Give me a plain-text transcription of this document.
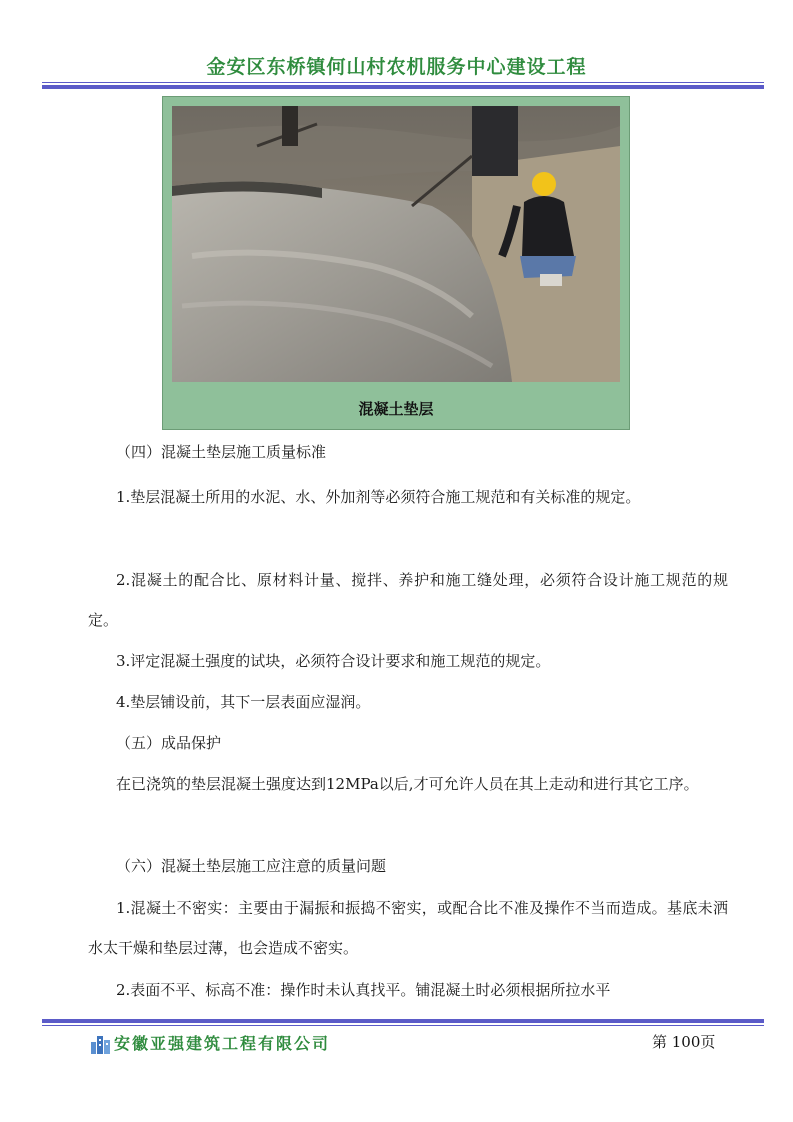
金安区东桥镇何山村农机服务中心建设工程
混凝土垫层
（四）混凝土垫层施工质量标准
1.垫层混凝土所用的水泥、水、外加剂等必须符合施工规范和有关标准的规定。
2.混凝土的配合比、原材料计量、搅拌、养护和施工缝处理，必须符合设计施工规范的规定。
3.评定混凝土强度的试块，必须符合设计要求和施工规范的规定。
4.垫层铺设前，其下一层表面应湿润。
（五）成品保护
在已浇筑的垫层混凝土强度达到12MPa以后,才可允许人员在其上走动和进行其它工序。
（六）混凝土垫层施工应注意的质量问题
1.混凝土不密实：主要由于漏振和振捣不密实，或配合比不准及操作不当而造成。基底未洒水太干燥和垫层过薄，也会造成不密实。
2.表面不平、标高不准：操作时未认真找平。铺混凝土时必须根据所拉水平
安徽亚强建筑工程有限公司	第 100页
